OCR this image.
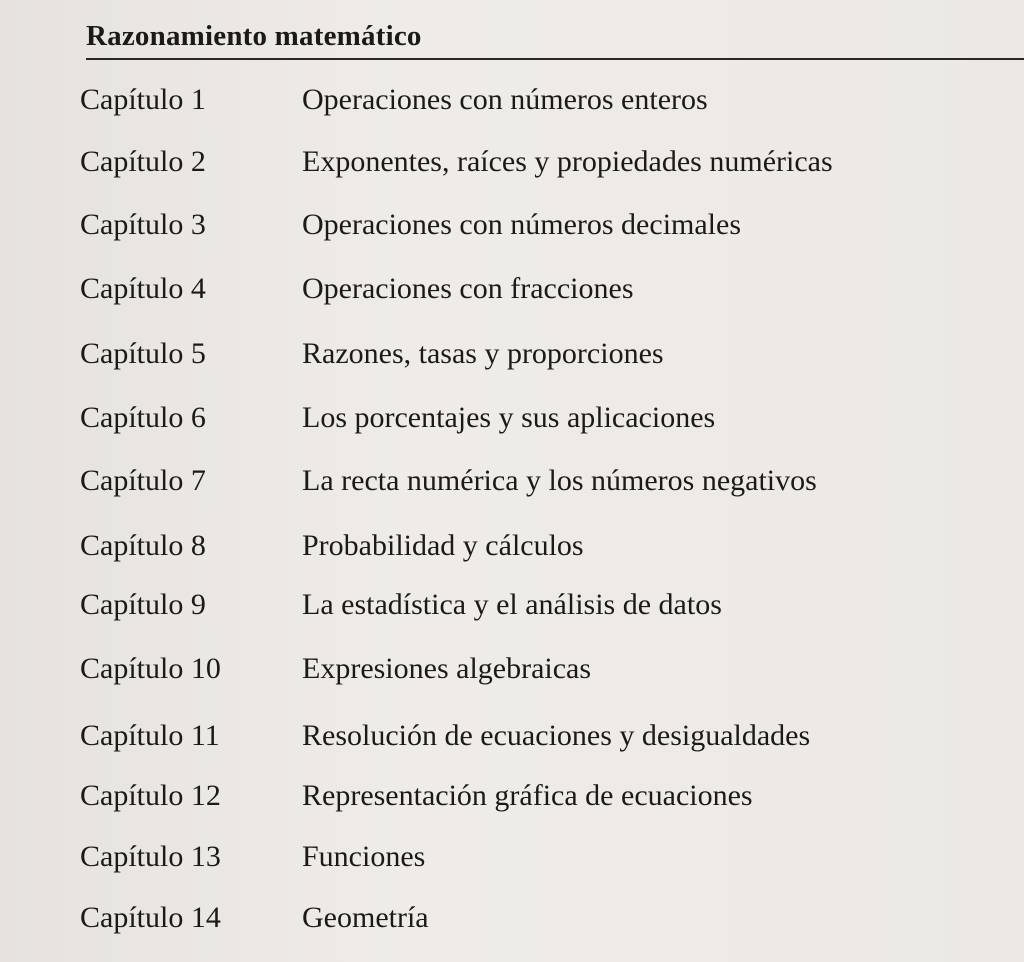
Razonamiento matemático
Capítulo 1	Operaciones con números enteros
Capítulo 2	Exponentes, raíces y propiedades numéricas
Capítulo 3	Operaciones con números decimales
Capítulo 4	Operaciones con fracciones
Capítulo 5	Razones, tasas y proporciones
Capítulo 6	Los porcentajes y sus aplicaciones
Capítulo 7	La recta numérica y los números negativos
Capítulo 8	Probabilidad y cálculos
Capítulo 9	La estadística y el análisis de datos
Capítulo 10	Expresiones algebraicas
Capítulo 11	Resolución de ecuaciones y desigualdades
Capítulo 12	Representación gráfica de ecuaciones
Capítulo 13	Funciones
Capítulo 14	Geometría
